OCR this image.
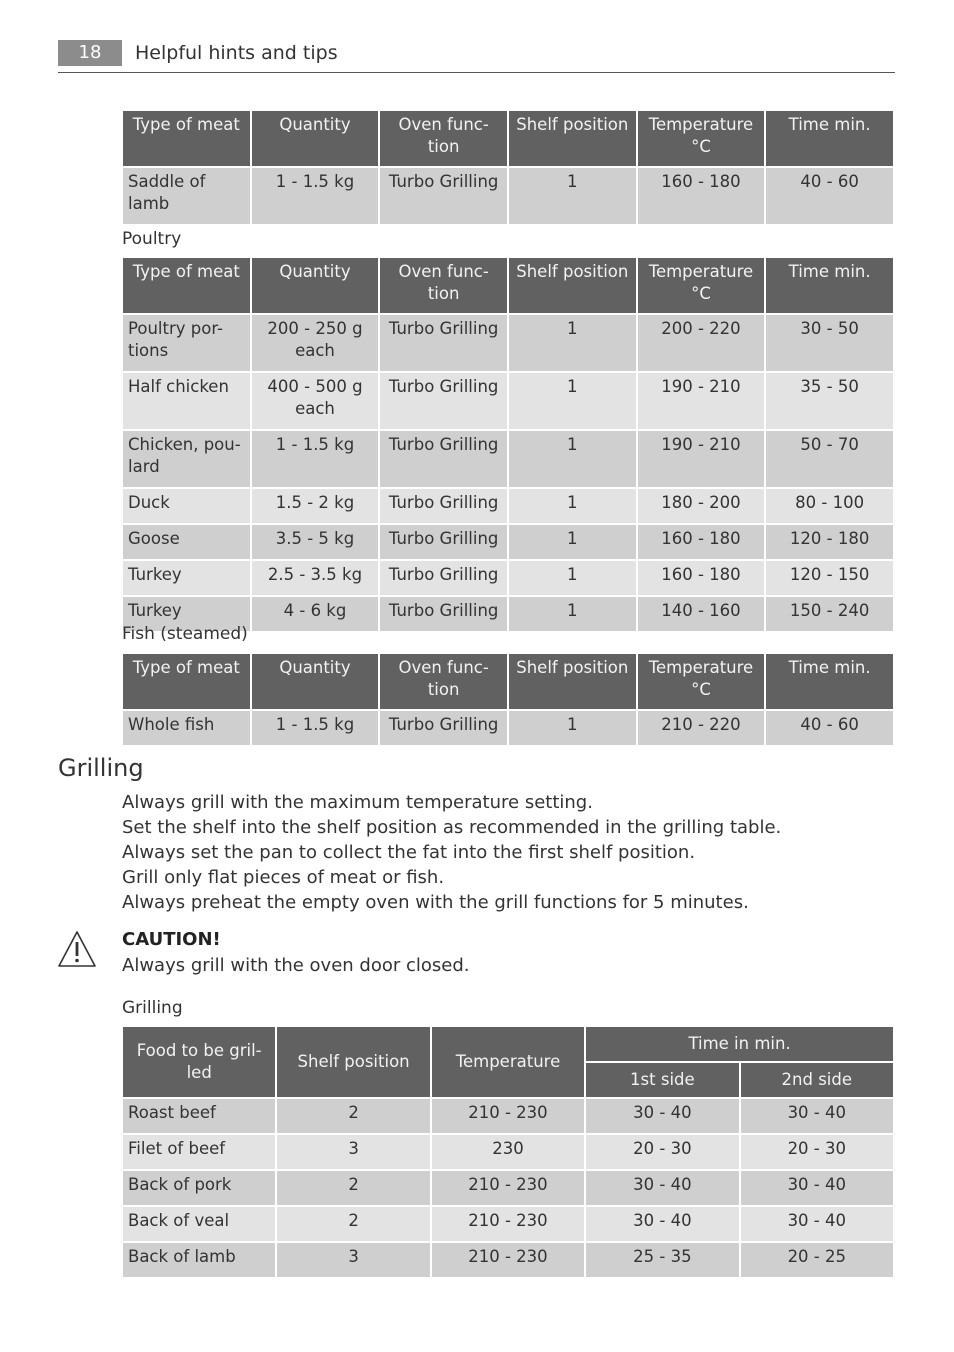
18	Helpful hints and tips
Type of meat	Quantity	Oven func-tion	Shelf position	Temperature °C	Time min.
Saddle of lamb	1 - 1.5 kg	Turbo Grilling	1	160 - 180	40 - 60
Poultry
Type of meat	Quantity	Oven func-tion	Shelf position	Temperature °C	Time min.
Poultry por-tions	200 - 250 g each	Turbo Grilling	1	200 - 220	30 - 50
Half chicken	400 - 500 g each	Turbo Grilling	1	190 - 210	35 - 50
Chicken, pou-lard	1 - 1.5 kg	Turbo Grilling	1	190 - 210	50 - 70
Duck	1.5 - 2 kg	Turbo Grilling	1	180 - 200	80 - 100
Goose	3.5 - 5 kg	Turbo Grilling	1	160 - 180	120 - 180
Turkey	2.5 - 3.5 kg	Turbo Grilling	1	160 - 180	120 - 150
Turkey	4 - 6 kg	Turbo Grilling	1	140 - 160	150 - 240
Fish (steamed)
Type of meat	Quantity	Oven func-tion	Shelf position	Temperature °C	Time min.
Whole fish	1 - 1.5 kg	Turbo Grilling	1	210 - 220	40 - 60
Grilling
Always grill with the maximum temperature setting.
Set the shelf into the shelf position as recommended in the grilling table.
Always set the pan to collect the fat into the first shelf position.
Grill only flat pieces of meat or fish.
Always preheat the empty oven with the grill functions for 5 minutes.
CAUTION!
Always grill with the oven door closed.
Grilling
Food to be gril-led	Shelf position	Temperature	Time in min.	
			1st side	2nd side
Roast beef	2	210 - 230	30 - 40	30 - 40
Filet of beef	3	230	20 - 30	20 - 30
Back of pork	2	210 - 230	30 - 40	30 - 40
Back of veal	2	210 - 230	30 - 40	30 - 40
Back of lamb	3	210 - 230	25 - 35	20 - 25
